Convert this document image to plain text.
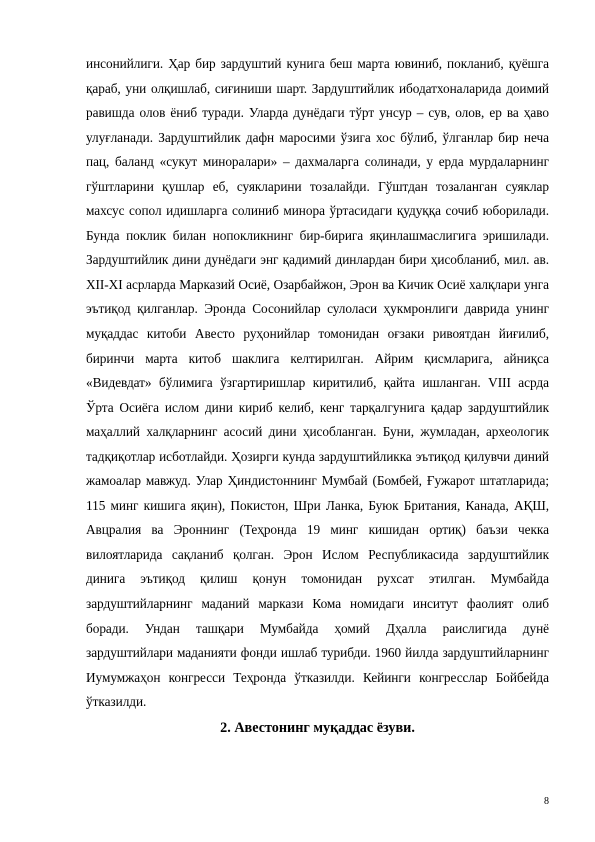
инсонийлиги. Ҳар бир зардуштий кунига беш марта ювиниб, покланиб, қуёшга қараб, уни олқишлаб, сиғиниши шарт. Зардуштийлик ибодатхоналарида доимий равишда олов ёниб туради. Уларда дунёдаги тўрт унсур – сув, олов, ер ва ҳаво улуғланади. Зардуштийлик дафн маросими ўзига хос бўлиб, ўлганлар бир неча пац, баланд «сукут миноралари» – дахмаларга солинади, у ерда мурдаларнинг гўштларини қушлар еб, суякларини тозалайди. Гўштдан тозаланган суяклар махсус сопол идишларга солиниб минора ўртасидаги қудуққа сочиб юборилади. Бунда поклик билан нопокликнинг бир-бирига яқинлашмаслигига эришилади. Зардуштийлик дини дунёдаги энг қадимий динлардан бири ҳисобланиб, мил. ав. XII-XI асрларда Марказий Осиё, Озарбайжон, Эрон ва Кичик Осиё халқлари унга эътиқод қилганлар. Эронда Сосонийлар сулоласи ҳукмронлиги даврида унинг муқаддас китоби Авесто руҳонийлар томонидан оғзаки ривоятдан йиғилиб, биринчи марта китоб шаклига келтирилган. Айрим қисмларига, айниқса «Видевдат» бўлимига ўзгартиришлар киритилиб, қайта ишланган. VIII асрда Ўрта Осиёга ислом дини кириб келиб, кенг тарқалгунига қадар зардуштийлик маҳаллий халқларнинг асосий дини ҳисобланган. Буни, жумладан, археологик тадқиқотлар исботлайди. Ҳозирги кунда зардуштийликка эътиқод қилувчи диний жамоалар мавжуд. Улар Ҳиндистоннинг Мумбай (Бомбей, Ғужарот штатларида; 115 минг кишига яқин), Покистон, Шри Ланка, Буюк Британия, Канада, АҚШ, Авцралия ва Эроннинг (Теҳронда 19 минг кишидан ортиқ) баъзи чекка вилоятларида сақланиб қолган. Эрон Ислом Республикасида зардуштийлик динига эътиқод қилиш қонун томонидан рухсат этилган. Мумбайда зардуштийларнинг маданий маркази Кома номидаги инситут фаолият олиб боради. Ундан ташқари Мумбайда ҳомий Дҳалла раислигида дунё зардуштийлари маданияти фонди ишлаб турибди. 1960 йилда зардуштийларнинг Иумумжаҳон конгресси Теҳронда ўтказилди. Кейинги конгресслар Бойбейда ўтказилди.

2. Авестонинг муқаддас ёзуви.
8
